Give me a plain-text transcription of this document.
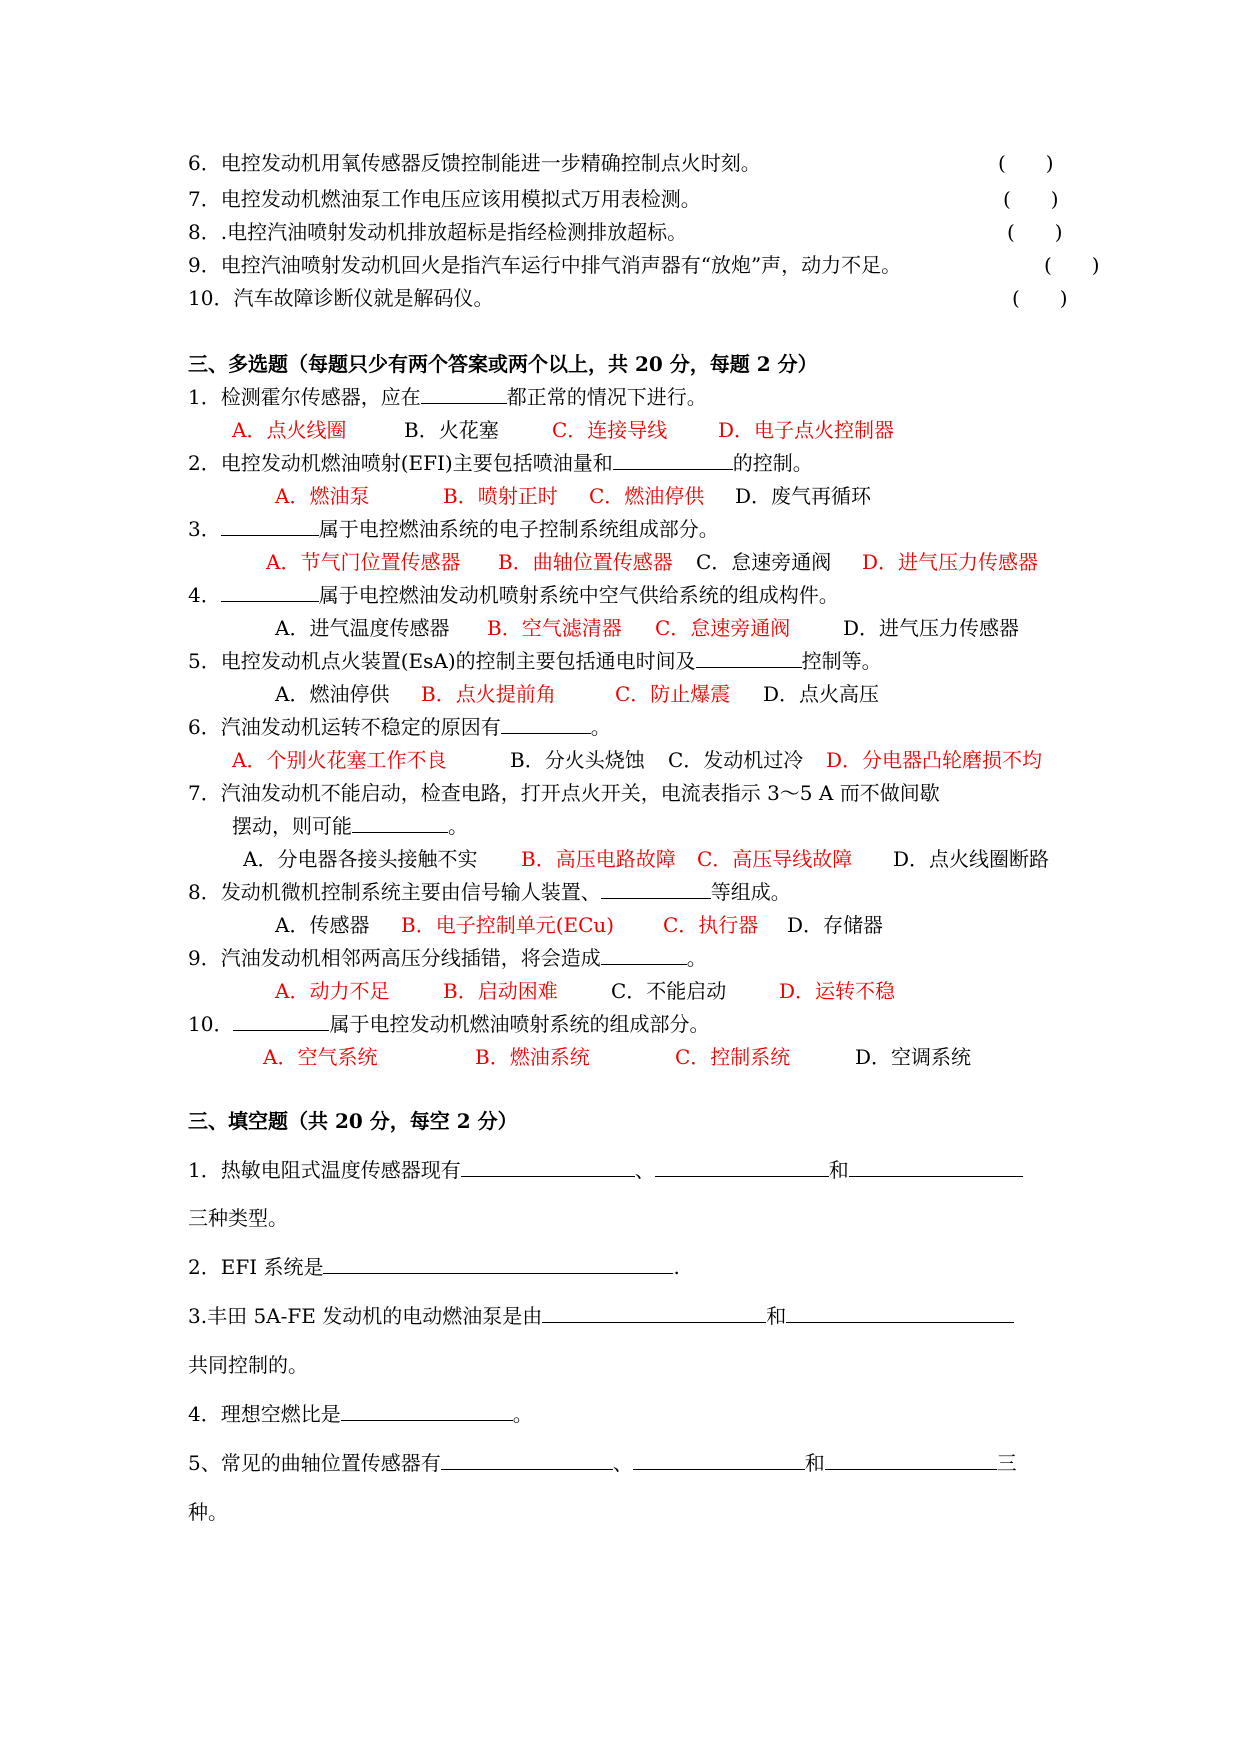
6．电控发动机用氧传感器反馈控制能进一步精确控制点火时刻。	(　　)
7．电控发动机燃油泵工作电压应该用模拟式万用表检测。	(　　)
8．.电控汽油喷射发动机排放超标是指经检测排放超标。	(　　)
9．电控汽油喷射发动机回火是指汽车运行中排气消声器有“放炮”声，动力不足。	(　　)
10．汽车故障诊断仪就是解码仪。	(　　)
三、多选题（每题只少有两个答案或两个以上，共 20 分，每题 2 分）
1．检测霍尔传感器，应在	都正常的情况下进行。
A．点火线圈	B．火花塞	C．连接导线	D．电子点火控制器
2．电控发动机燃油喷射(EFI)主要包括喷油量和	的控制。
A．燃油泵	B．喷射正时 C．燃油停供 D．废气再循环
3．	属于电控燃油系统的电子控制系统组成部分。
A．节气门位置传感器 B．曲轴位置传感器 C．怠速旁通阀 D．进气压力传感器
4．	属于电控燃油发动机喷射系统中空气供给系统的组成构件。
A．进气温度传感器 B．空气滤清器 C．怠速旁通阀	D．进气压力传感器
5．电控发动机点火装置(EsA)的控制主要包括通电时间及	控制等。
A．燃油停供 B．点火提前角	C．防止爆震 D．点火高压
6．汽油发动机运转不稳定的原因有	。
A．个别火花塞工作不良	B．分火头烧蚀 C．发动机过冷 D．分电器凸轮磨损不均
7．汽油发动机不能启动，检查电路，打开点火开关，电流表指示 3～5 A 而不做间歇
摆动，则可能	。
A．分电器各接头接触不实 B．高压电路故障 C．高压导线故障 D．点火线圈断路
8．发动机微机控制系统主要由信号输人装置、	等组成。
A．传感器 B．电子控制单元(ECu) C．执行器 D．存储器
9．汽油发动机相邻两高压分线插错，将会造成	。
A．动力不足	B．启动困难	C．不能启动	D．运转不稳
10．	属于电控发动机燃油喷射系统的组成部分。
A．空气系统	B．燃油系统	C．控制系统	D．空调系统
三、填空题（共 20 分，每空 2 分）
1．热敏电阻式温度传感器现有	、	和
三种类型。
2．EFI 系统是	.
3.丰田 5A-FE 发动机的电动燃油泵是由	和
共同控制的。
4．理想空燃比是	。
5、常见的曲轴位置传感器有	、	和	三
种。
